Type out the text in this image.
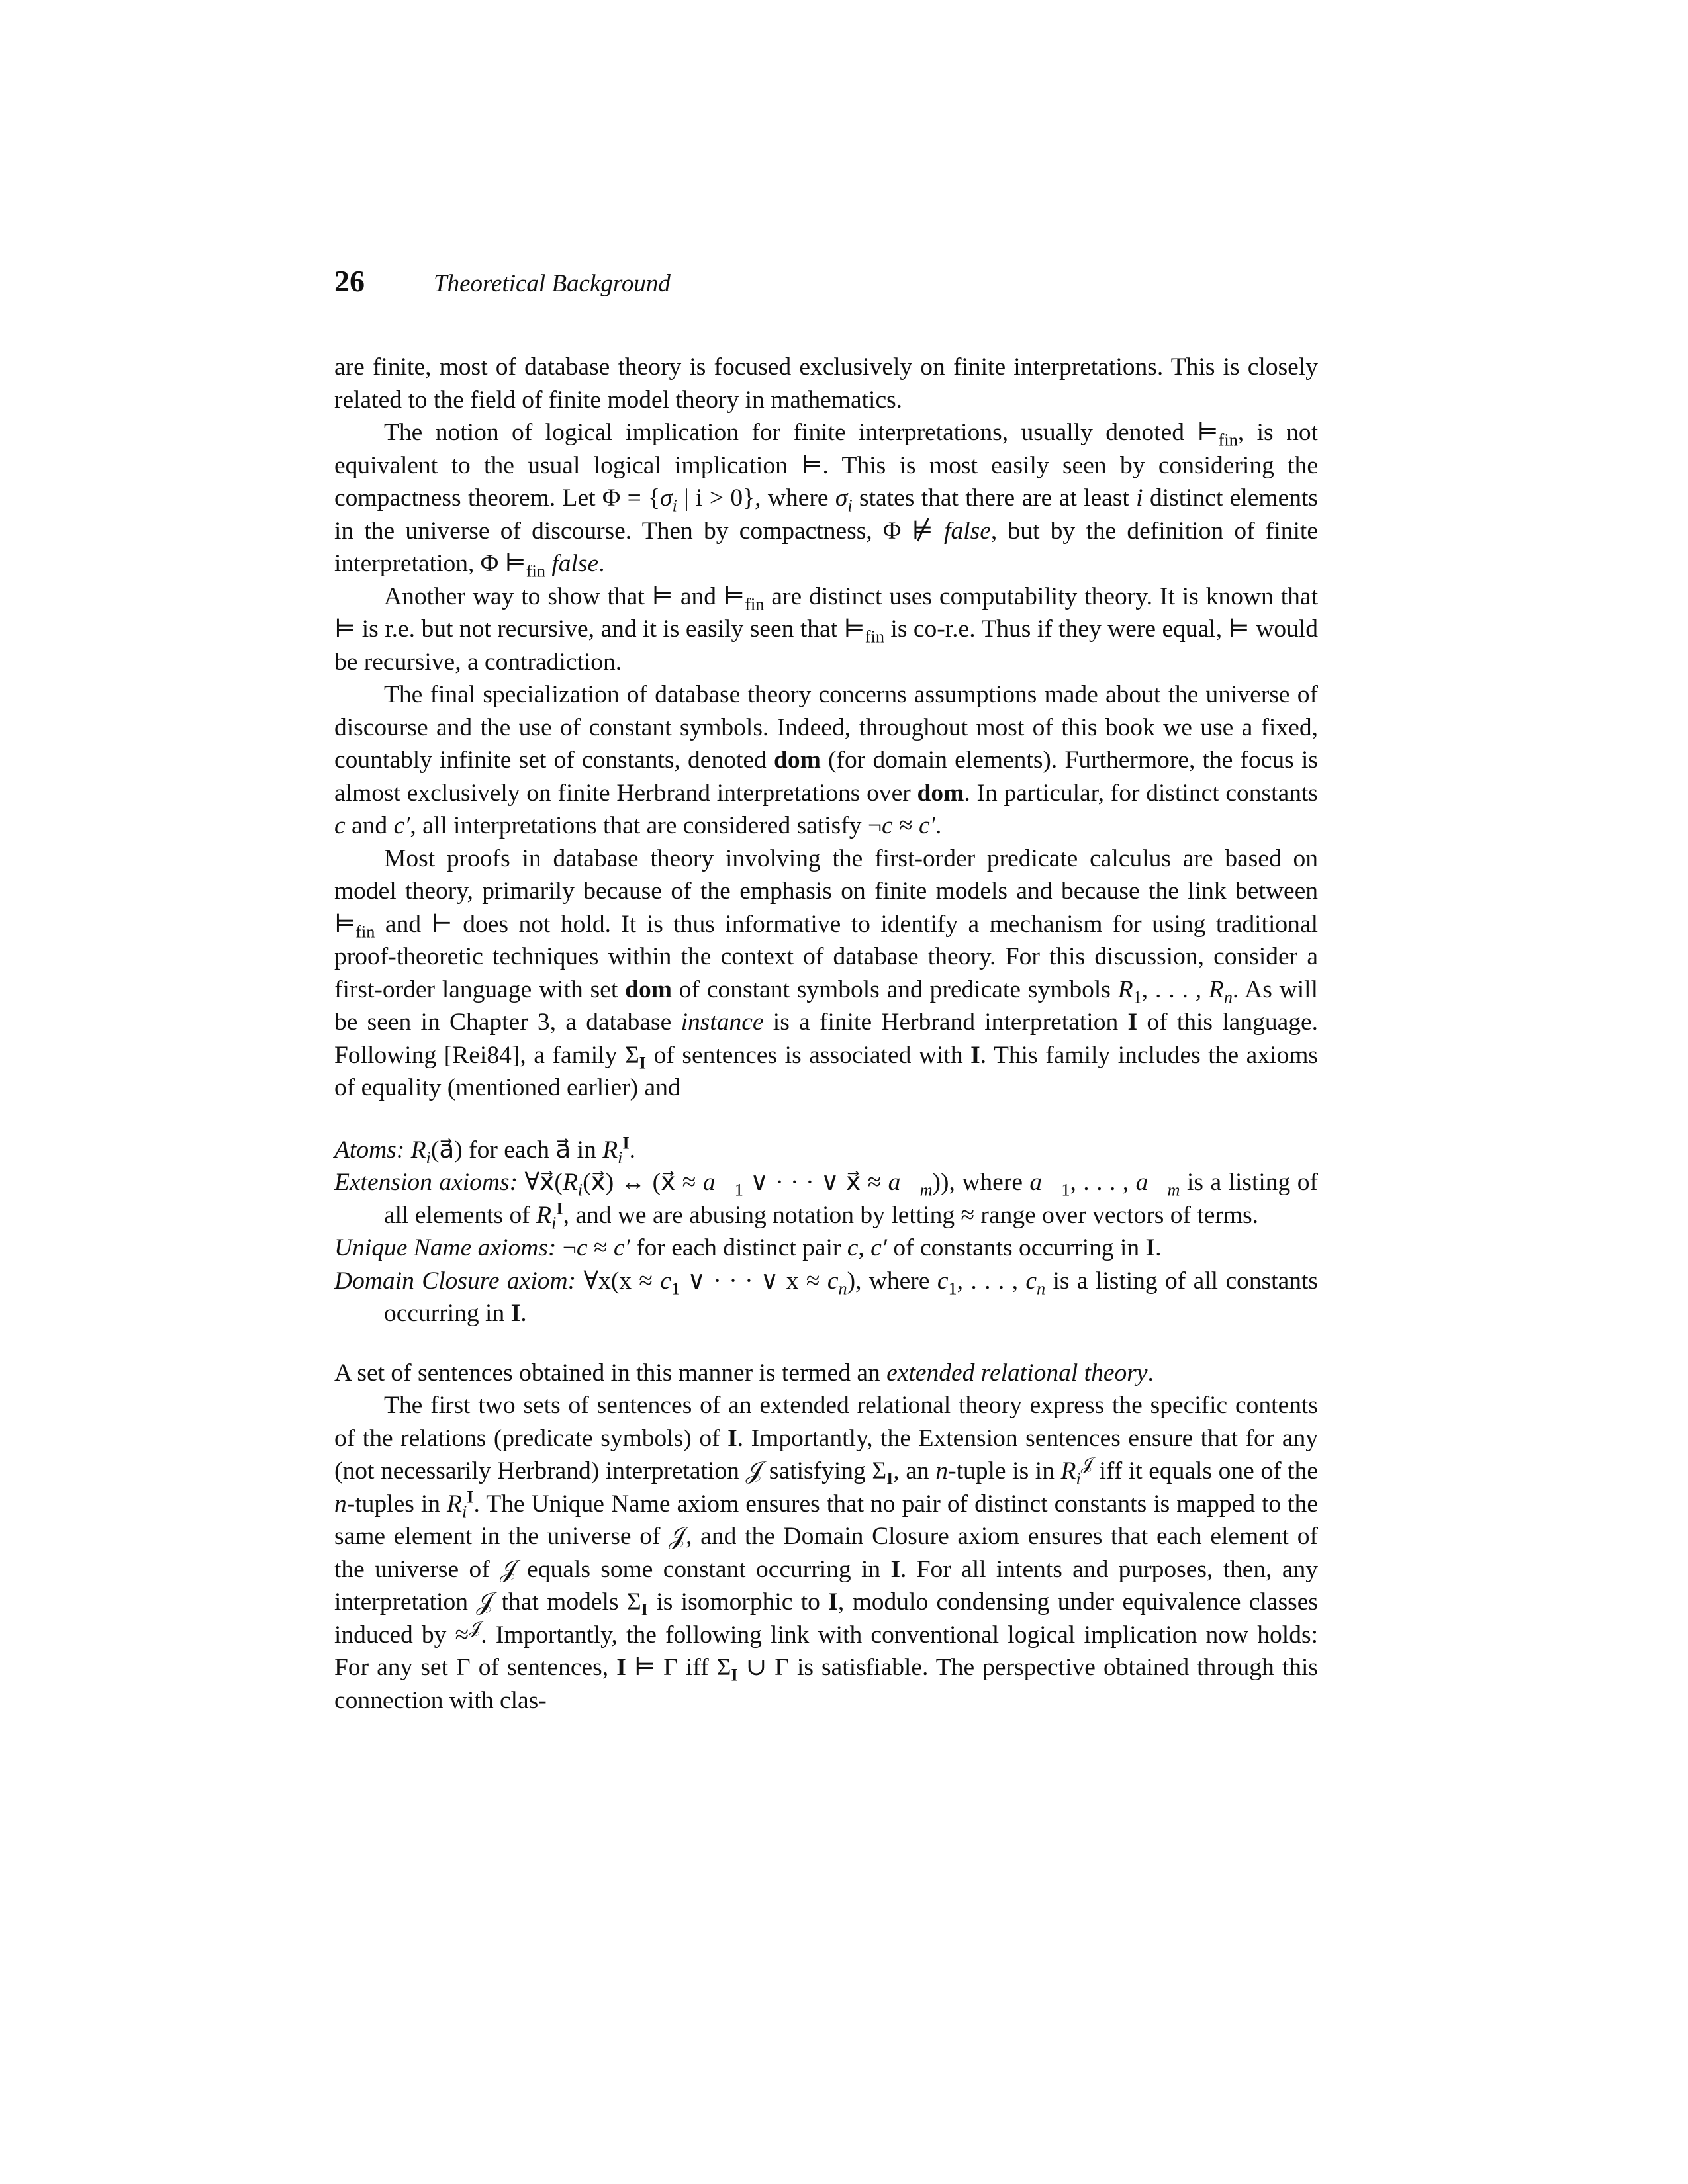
26	Theoretical Background

are finite, most of database theory is focused exclusively on finite interpretations. This is closely related to the field of finite model theory in mathematics.

The notion of logical implication for finite interpretations, usually denoted $⊨_{fin}$, is not equivalent to the usual logical implication ⊨. This is most easily seen by considering the compactness theorem. Let $\Phi = \{\sigma_i$ | i > 0}, where $\sigma_i$ states that there are at least i distinct elements in the universe of discourse. Then by compactness, Φ ⊭ false, but by the definition of finite interpretation, Φ $⊨_{fin}$ false.

Another way to show that ⊨ and $⊨_{fin}$ are distinct uses computability theory. It is known that ⊨ is r.e. but not recursive, and it is easily seen that $⊨_{fin}$ is co-r.e. Thus if they were equal, ⊨ would be recursive, a contradiction.

The final specialization of database theory concerns assumptions made about the universe of discourse and the use of constant symbols. Indeed, throughout most of this book we use a fixed, countably infinite set of constants, denoted dom (for domain elements). Furthermore, the focus is almost exclusively on finite Herbrand interpretations over dom. In particular, for distinct constants c and c′, all interpretations that are considered satisfy ¬c ≈ c′.

Most proofs in database theory involving the first-order predicate calculus are based on model theory, primarily because of the emphasis on finite models and because the link between $⊨_{fin}$ and ⊢ does not hold. It is thus informative to identify a mechanism for using traditional proof-theoretic techniques within the context of database theory. For this discussion, consider a first-order language with set dom of constant symbols and predicate symbols $R_1$, . . . , $R_n$. As will be seen in Chapter 3, a database instance is a finite Herbrand interpretation I of this language. Following [Rei84], a family $\Sigma_I$ of sentences is associated with I. This family includes the axioms of equality (mentioned earlier) and

Atoms: $R_i(a⃗)$ for each a⃗ in $R_i^I$.

Extension axioms: $\forall x⃗(R_i(x⃗)$ ↔ (x⃗ ≈ $a⃗_1$ ∨ · · · ∨ x⃗ ≈ $a⃗_m$)), where $a⃗_1$, . . . , $a⃗_m$ is a listing of all elements of $R_i^I$, and we are abusing notation by letting ≈ range over vectors of terms.

Unique Name axioms: ¬c ≈ c′ for each distinct pair c, c′ of constants occurring in I.

Domain Closure axiom: ∀x(x ≈ $c_1$ ∨ · · · ∨ $x \approx c_n$), where $c_1$, . . . , $c_n$ is a listing of all constants occurring in I.

A set of sentences obtained in this manner is termed an extended relational theory.

The first two sets of sentences of an extended relational theory express the specific contents of the relations (predicate symbols) of I. Importantly, the Extension sentences ensure that for any (not necessarily Herbrand) interpretation 𝒥 satisfying $\Sigma_I$, an n-tuple is in $R_i^𝒥$ iff it equals one of the n-tuples in $R_i^I$. The Unique Name axiom ensures that no pair of distinct constants is mapped to the same element in the universe of 𝒥, and the Domain Closure axiom ensures that each element of the universe of 𝒥 equals some constant occurring in I. For all intents and purposes, then, any interpretation 𝒥 that models $\Sigma_I$ is isomorphic to I, modulo condensing under equivalence classes induced by ≈$^𝒥$. Importantly, the following link with conventional logical implication now holds: For any set Γ of sentences, I ⊨ Γ iff $\Sigma_I$ ∪ Γ is satisfiable. The perspective obtained through this connection with clas-
